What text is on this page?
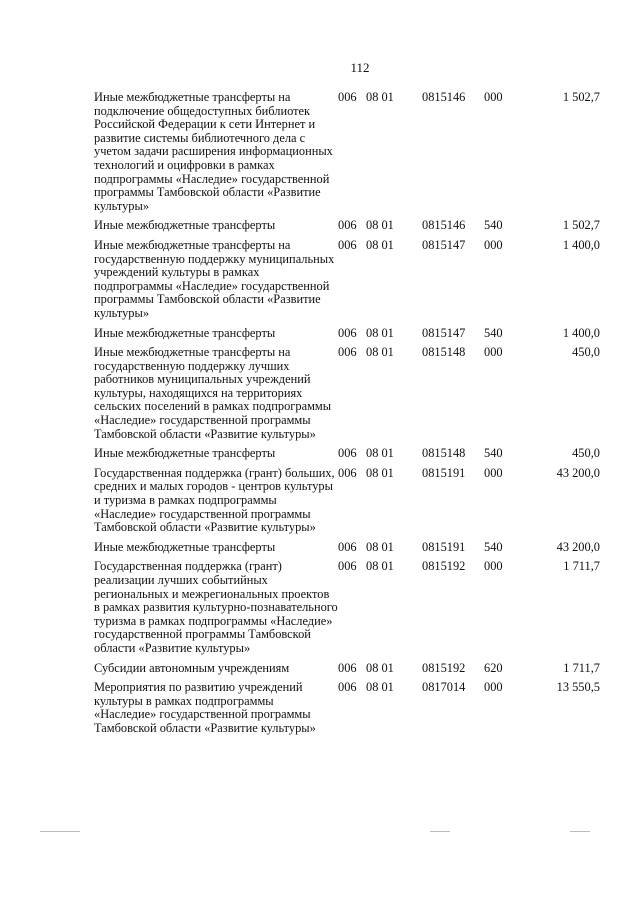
112
Иные межбюджетные трансферты на подключение общедоступных библиотек Российской Федерации к сети Интернет и развитие системы библиотечного дела с учетом задачи расширения информационных технологий и оцифровки в рамках подпрограммы «Наследие» государственной программы Тамбовской области «Развитие культуры»	006	08 01	0815146	000	1 502,7
Иные межбюджетные трансферты	006	08 01	0815146	540	1 502,7
Иные межбюджетные трансферты на государственную поддержку муниципальных учреждений культуры в рамках подпрограммы «Наследие» государственной программы Тамбовской области «Развитие культуры»	006	08 01	0815147	000	1 400,0
Иные межбюджетные трансферты	006	08 01	0815147	540	1 400,0
Иные межбюджетные трансферты на государственную поддержку лучших работников муниципальных учреждений культуры, находящихся на территориях сельских поселений в рамках подпрограммы «Наследие» государственной программы Тамбовской области «Развитие культуры»	006	08 01	0815148	000	450,0
Иные межбюджетные трансферты	006	08 01	0815148	540	450,0
Государственная поддержка (грант) больших, средних и малых городов - центров культуры и туризма в рамках подпрограммы «Наследие» государственной программы Тамбовской области «Развитие культуры»	006	08 01	0815191	000	43 200,0
Иные межбюджетные трансферты	006	08 01	0815191	540	43 200,0
Государственная поддержка (грант) реализации лучших событийных региональных и межрегиональных проектов в рамках развития культурно-познавательного туризма в рамках подпрограммы «Наследие» государственной программы Тамбовской области «Развитие культуры»	006	08 01	0815192	000	1 711,7
Субсидии автономным учреждениям	006	08 01	0815192	620	1 711,7
Мероприятия по развитию учреждений культуры в рамках подпрограммы «Наследие» государственной программы Тамбовской области «Развитие культуры»	006	08 01	0817014	000	13 550,5
